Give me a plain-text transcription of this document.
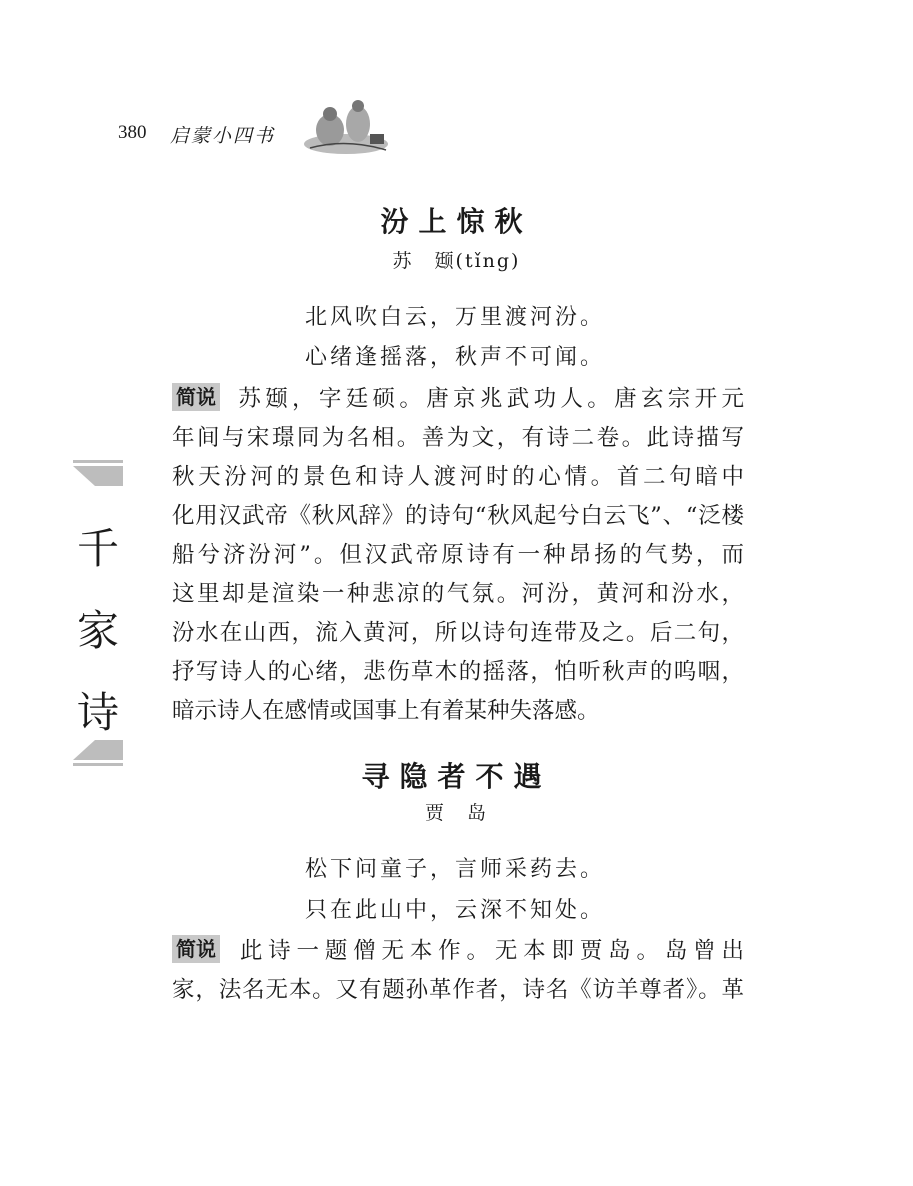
380 启蒙小四书
千
家
诗
汾上惊秋
苏　颋(tǐng)
北风吹白云，万里渡河汾。
心绪逢摇落，秋声不可闻。
简说 苏颋，字廷硕。唐京兆武功人。唐玄宗开元
年间与宋璟同为名相。善为文，有诗二卷。此诗描写
秋天汾河的景色和诗人渡河时的心情。首二句暗中
化用汉武帝《秋风辞》的诗句“秋风起兮白云飞”、“泛楼
船兮济汾河”。但汉武帝原诗有一种昂扬的气势，而
这里却是渲染一种悲凉的气氛。河汾，黄河和汾水，
汾水在山西，流入黄河，所以诗句连带及之。后二句，
抒写诗人的心绪，悲伤草木的摇落，怕听秋声的呜咽，
暗示诗人在感情或国事上有着某种失落感。
寻隐者不遇
贾　岛
松下问童子，言师采药去。
只在此山中，云深不知处。
简说 此诗一题僧无本作。无本即贾岛。岛曾出
家，法名无本。又有题孙革作者，诗名《访羊尊者》。革
